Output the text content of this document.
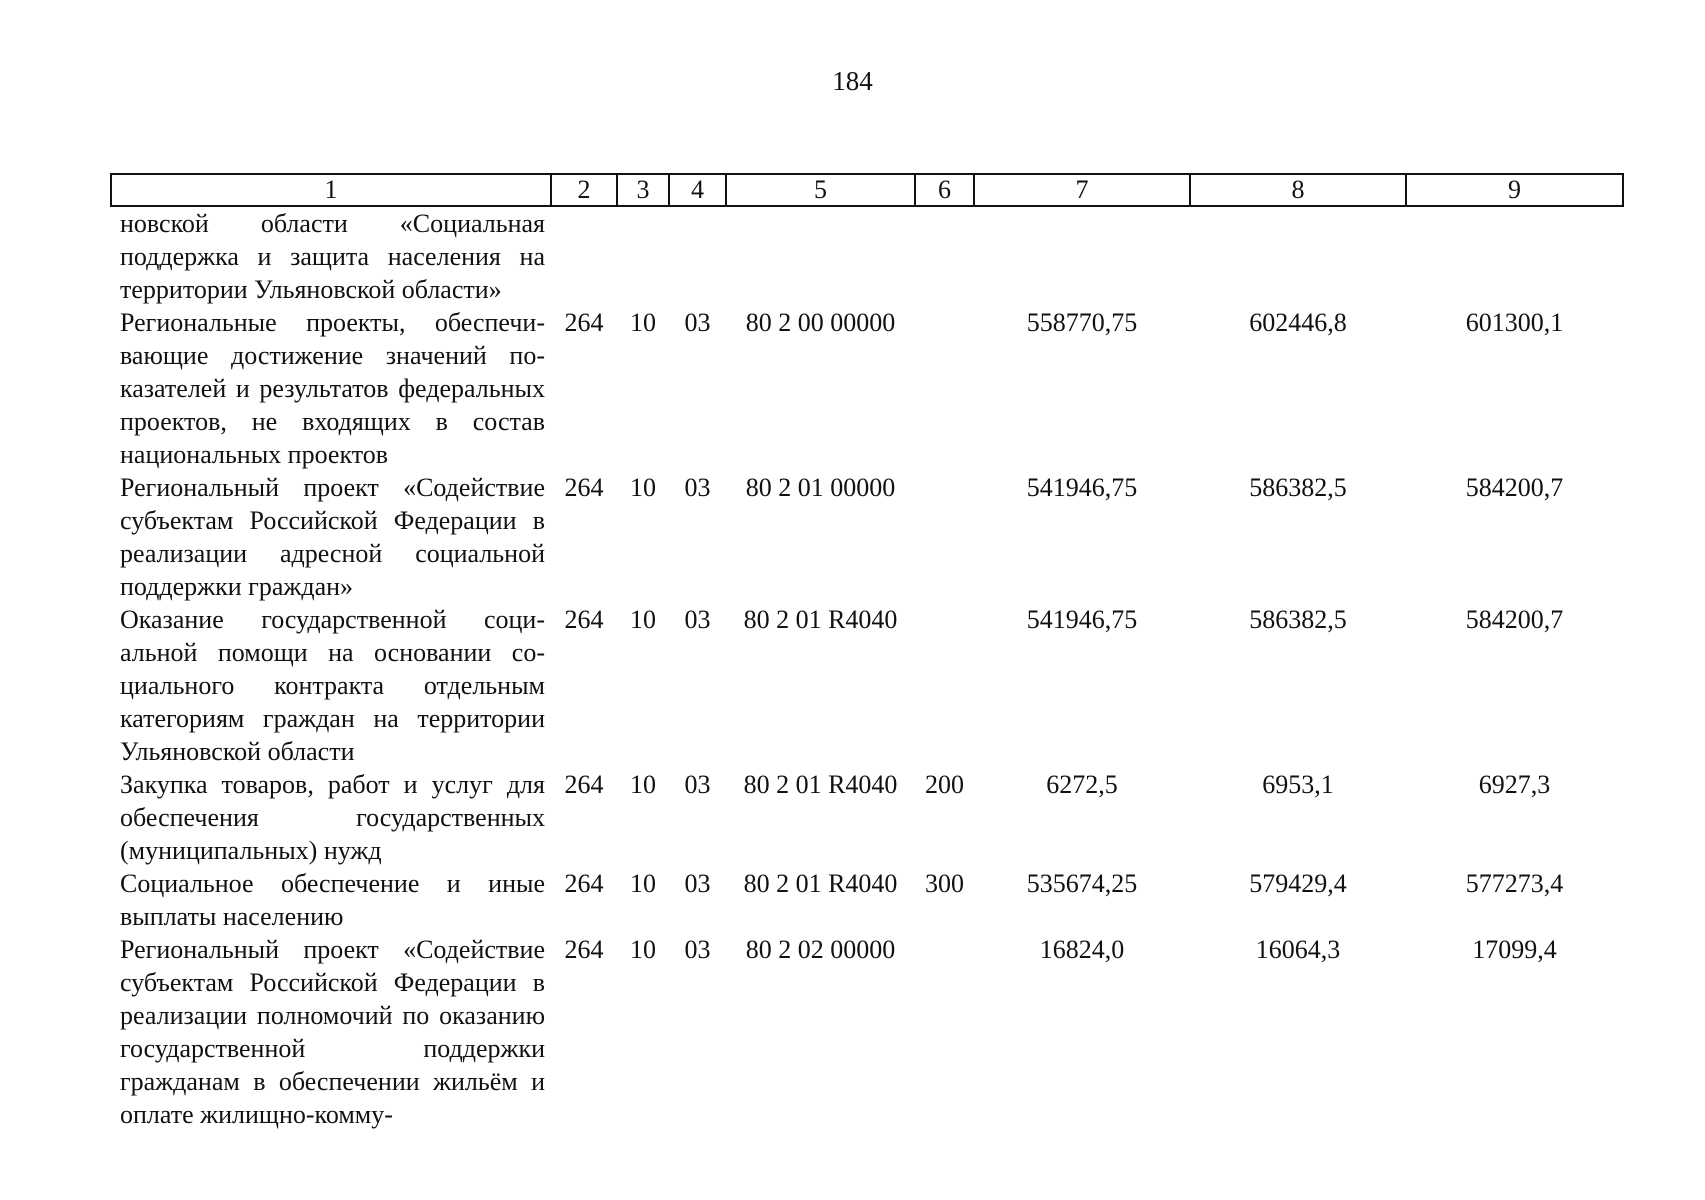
184
1	2	3	4	5	6	7	8	9
новской области «Социальная поддержка и защита населения на территории Ульяновской области»								
Региональные проекты, обеспечивающие достижение значений показателей и результатов федеральных проектов, не входящих в состав национальных проектов	264	10	03	80 2 00 00000		558770,75	602446,8	601300,1
Региональный проект «Содействие субъектам Российской Федерации в реализации адресной социальной поддержки граждан»	264	10	03	80 2 01 00000		541946,75	586382,5	584200,7
Оказание государственной социальной помощи на основании социального контракта отдельным категориям граждан на территории Ульяновской области	264	10	03	80 2 01 R4040		541946,75	586382,5	584200,7
Закупка товаров, работ и услуг для обеспечения государственных (муниципальных) нужд	264	10	03	80 2 01 R4040	200	6272,5	6953,1	6927,3
Социальное обеспечение и иные выплаты населению	264	10	03	80 2 01 R4040	300	535674,25	579429,4	577273,4
Региональный проект «Содействие субъектам Российской Федерации в реализации полномочий по оказанию государственной поддержки гражданам в обеспечении жильём и оплате жилищно-комму-	264	10	03	80 2 02 00000		16824,0	16064,3	17099,4
